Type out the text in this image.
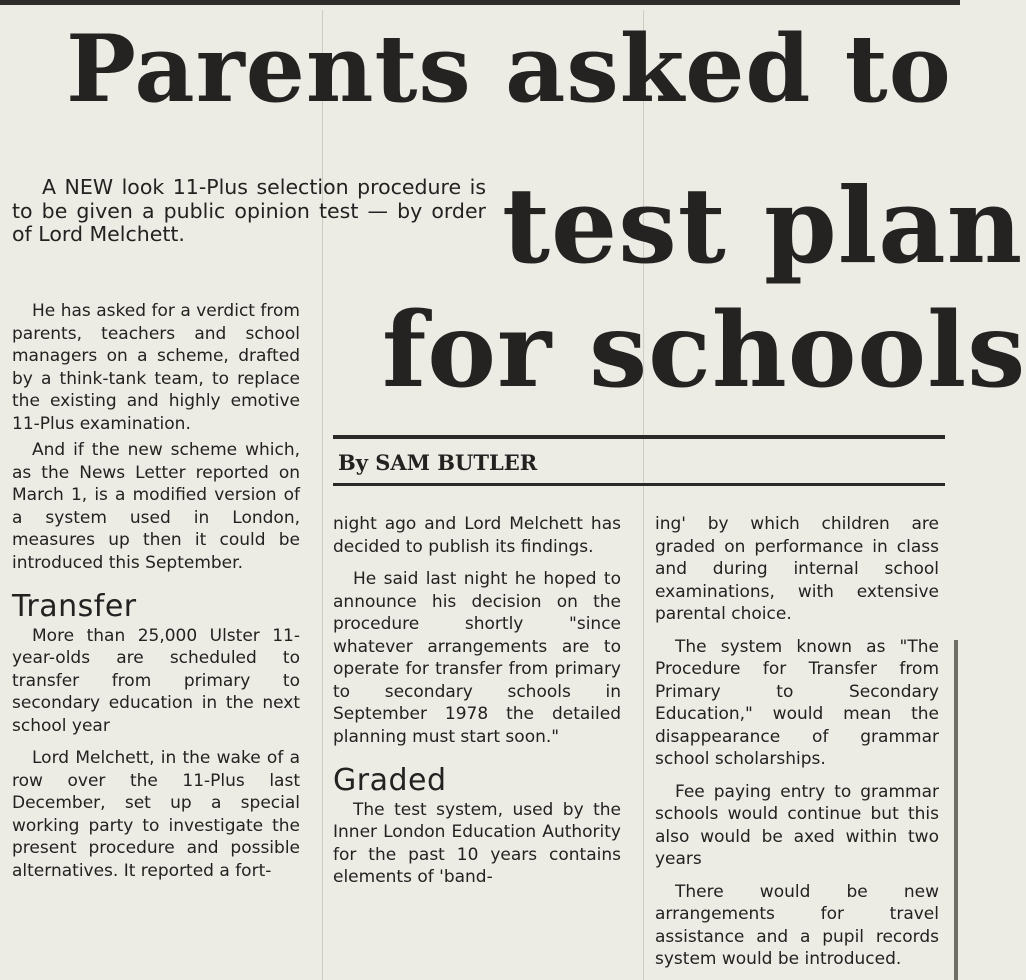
Parents asked to
test plan
for schools

A NEW look 11-Plus selection procedure is to be given a public opinion test — by order of Lord Melchett.

By SAM BUTLER

He has asked for a verdict from parents, teachers and school managers on a scheme, drafted by a think-tank team, to replace the existing and highly emotive 11-Plus examination.

And if the new scheme which, as the News Letter reported on March 1, is a modified version of a system used in London, measures up then it could be introduced this September.

Transfer

More than 25,000 Ulster 11-year-olds are scheduled to transfer from primary to secondary education in the next school year

Lord Melchett, in the wake of a row over the 11-Plus last December, set up a special working party to investigate the present procedure and possible alternatives. It reported a fort-

night ago and Lord Melchett has decided to publish its findings.

He said last night he hoped to announce his decision on the procedure shortly "since whatever arrangements are to operate for transfer from primary to secondary schools in September 1978 the detailed planning must start soon."

Graded

The test system, used by the Inner London Education Authority for the past 10 years contains elements of 'band-

ing' by which children are graded on performance in class and during internal school examinations, with extensive parental choice.

The system known as "The Procedure for Transfer from Primary to Secondary Education," would mean the disappearance of grammar school scholarships.

Fee paying entry to grammar schools would continue but this also would be axed within two years

There would be new arrangements for travel assistance and a pupil records system would be introduced.
